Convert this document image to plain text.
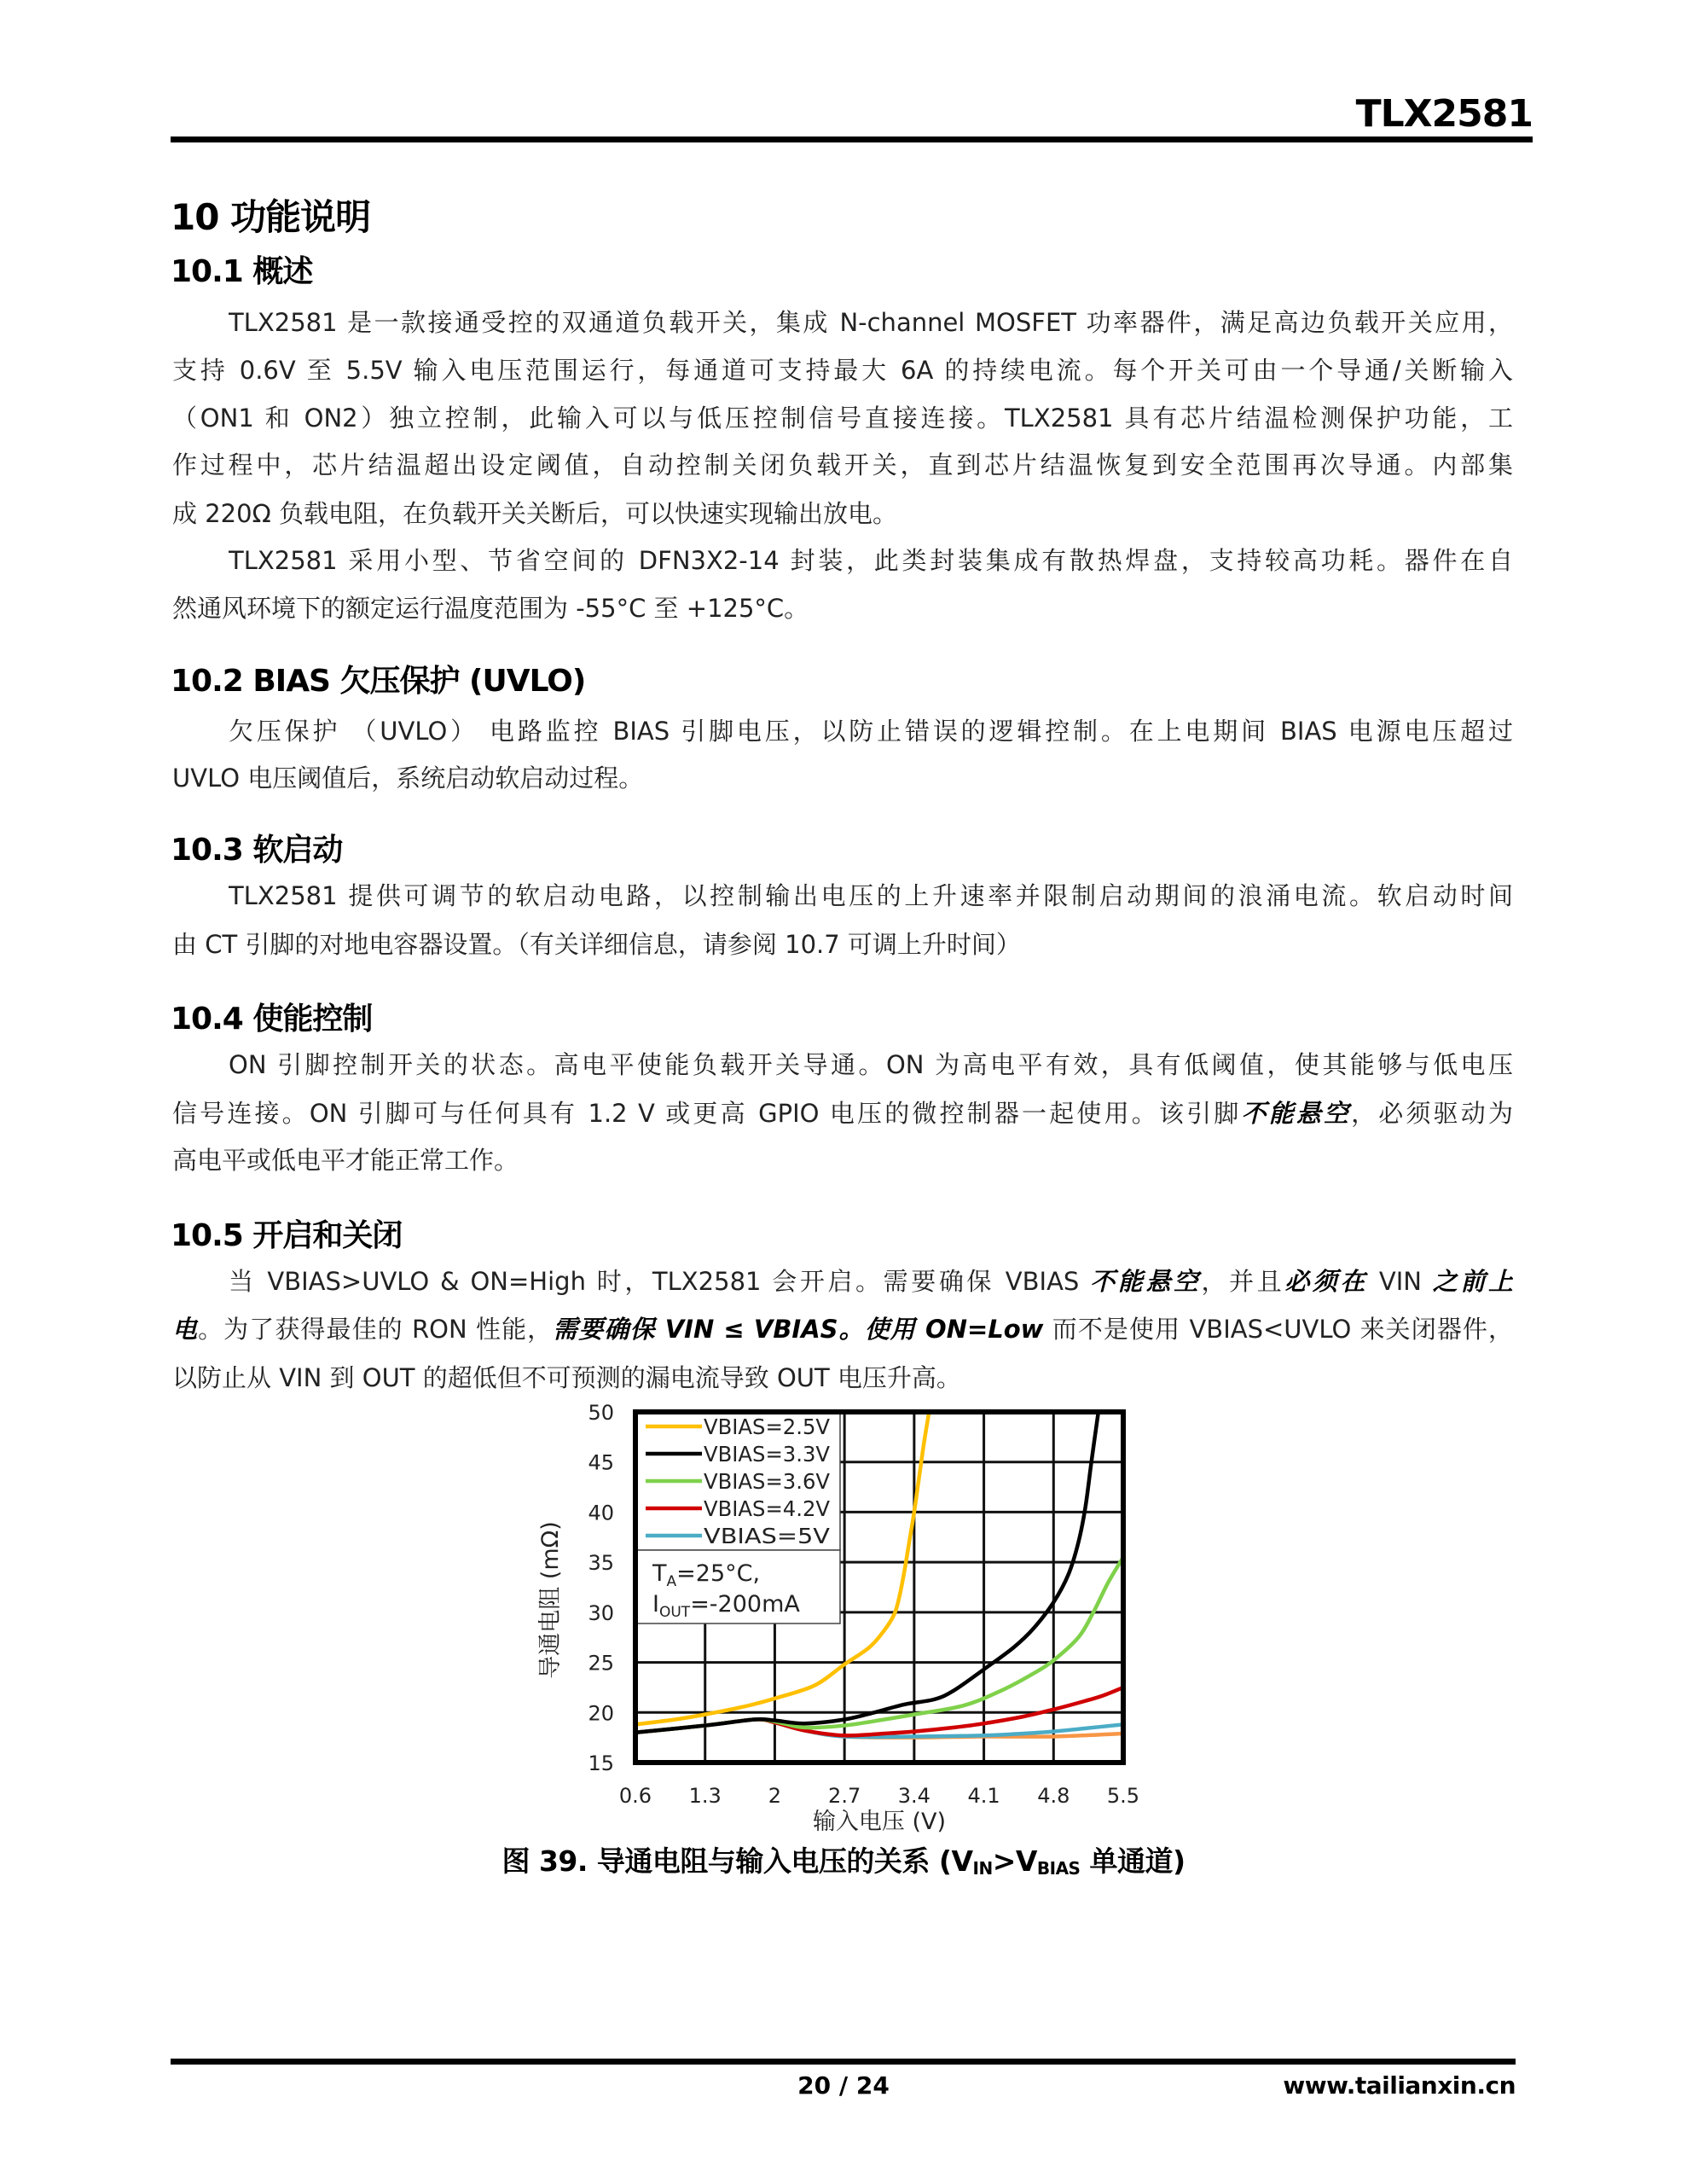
TLX2581
10 功能说明
10.1 概述
TLX2581 是一款接通受控的双通道负载开关，集成 N-channel MOSFET 功率器件，满足高边负载开关应用，
支持 0.6V 至 5.5V 输入电压范围运行，每通道可支持最大 6A 的持续电流。每个开关可由一个导通/关断输入
（ON1 和 ON2）独立控制，此输入可以与低压控制信号直接连接。TLX2581 具有芯片结温检测保护功能，工
作过程中，芯片结温超出设定阈值，自动控制关闭负载开关，直到芯片结温恢复到安全范围再次导通。内部集
成 220Ω 负载电阻，在负载开关关断后，可以快速实现输出放电。
TLX2581 采用小型、节省空间的 DFN3X2-14 封装，此类封装集成有散热焊盘，支持较高功耗。器件在自
然通风环境下的额定运行温度范围为 -55°C 至 +125°C。
10.2 BIAS 欠压保护 (UVLO)
欠压保护 （UVLO） 电路监控 BIAS 引脚电压，以防止错误的逻辑控制。在上电期间 BIAS 电源电压超过
UVLO 电压阈值后，系统启动软启动过程。
10.3 软启动
TLX2581 提供可调节的软启动电路，以控制输出电压的上升速率并限制启动期间的浪涌电流。软启动时间
由 CT 引脚的对地电容器设置。（有关详细信息，请参阅 10.7 可调上升时间）
10.4 使能控制
ON 引脚控制开关的状态。高电平使能负载开关导通。ON 为高电平有效，具有低阈值，使其能够与低电压
信号连接。ON 引脚可与任何具有 1.2 V 或更高 GPIO 电压的微控制器一起使用。该引脚不能悬空，必须驱动为
高电平或低电平才能正常工作。
10.5 开启和关闭
当 VBIAS>UVLO & ON=High 时，TLX2581 会开启。需要确保 VBIAS 不能悬空，并且必须在 VIN 之前上
电。为了获得最佳的 RON 性能，需要确保 VIN ≤ VBIAS。使用 ON=Low 而不是使用 VBIAS<UVLO 来关闭器件，
以防止从 VIN 到 OUT 的超低但不可预测的漏电流导致 OUT 电压升高。
VBIAS=2.5V
VBIAS=3.3V
VBIAS=3.6V
VBIAS=4.2V
VBIAS=5V
$T_A=25^\circ C$,
$I_{OUT}=-200mA$
15
20
25
30
35
40
45
50
0.6 1.3 2 2.7 3.4 4.1 4.8 5.5
输入电压 (V)
导通电阻 (mΩ)
图 39. 导通电阻与输入电压的关系 ($V_{IN}>V_{BIAS}$ 单通道)
20 / 24	www.tailianxin.cn
